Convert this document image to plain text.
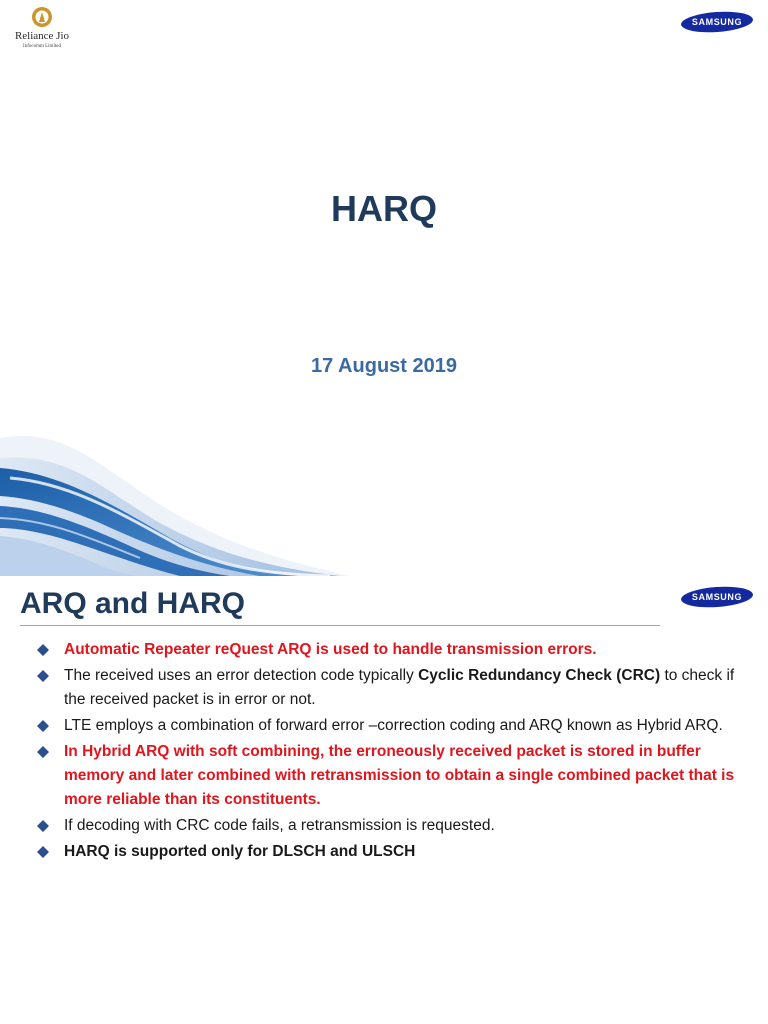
Reliance Jio
Infocomm Limited
SAMSUNG
HARQ
17 August 2019
ARQ and HARQ	SAMSUNG
Automatic Repeater reQuest ARQ is used to handle transmission errors.
The received uses an error detection code typically Cyclic Redundancy Check (CRC) to check if the received packet is in error or not.
LTE employs a combination of forward error –correction coding and ARQ known as Hybrid ARQ.
In Hybrid ARQ with soft combining, the erroneously received packet is stored in buffer memory and later combined with retransmission to obtain a single combined packet that is more reliable than its constituents.
If decoding with CRC code fails, a retransmission is requested.
HARQ is supported only for DLSCH and ULSCH
